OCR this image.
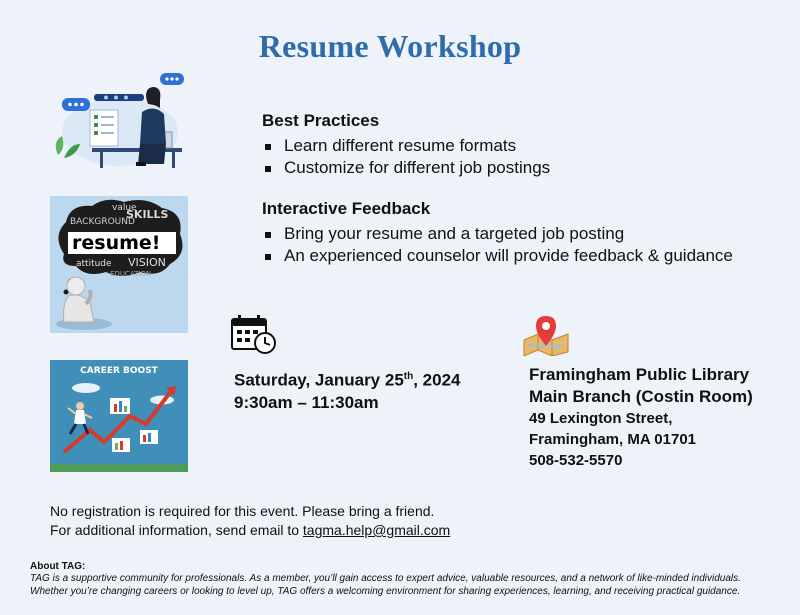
Resume Workshop
Best Practices
Learn different resume formats
Customize for different job postings
value
SKILLS
BACKGROUND
resume!
attitude VISION
EDUCATION
Interactive Feedback
Bring your resume and a targeted job posting
An experienced counselor will provide feedback & guidance
CAREER BOOST	Saturday, January 25th, 2024
9:30am – 11:30am
Framingham Public Library
Main Branch (Costin Room)
49 Lexington Street,
Framingham, MA 01701
508-532-5570
No registration is required for this event. Please bring a friend.
For additional information, send email to tagma.help@gmail.com
About TAG:
TAG is a supportive community for professionals. As a member, you’ll gain access to expert advice, valuable resources, and a network of like-minded individuals.
Whether you’re changing careers or looking to level up, TAG offers a welcoming environment for sharing experiences, learning, and receiving practical guidance.
